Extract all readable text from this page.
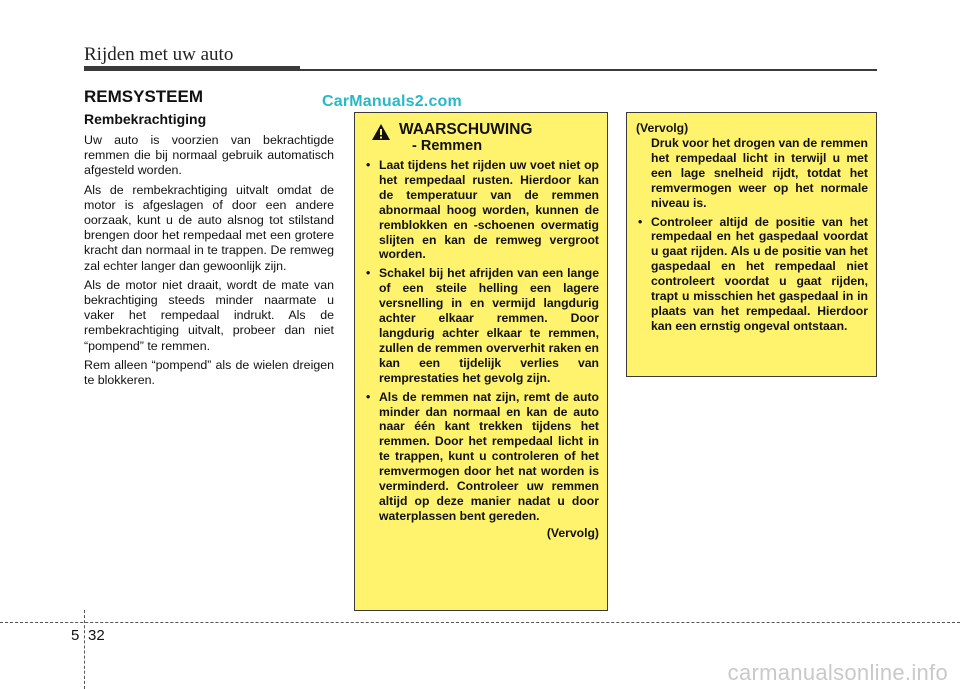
Rijden met uw auto
REMSYSTEEM	CarManuals2.com
Rembekrachtiging

Uw auto is voorzien van bekrachtigde remmen die bij normaal gebruik automatisch afgesteld worden.

Als de rembekrachtiging uitvalt omdat de motor is afgeslagen of door een andere oorzaak, kunt u de auto alsnog tot stilstand brengen door het rempedaal met een grotere kracht dan normaal in te trappen. De remweg zal echter langer dan gewoonlijk zijn.

Als de motor niet draait, wordt de mate van bekrachtiging steeds minder naarmate u vaker het rempedaal indrukt. Als de rembekrachtiging uitvalt, probeer dan niet “pompend” te remmen.

Rem alleen “pompend” als de wielen dreigen te blokkeren.

WAARSCHUWING
- Remmen
• Laat tijdens het rijden uw voet niet op het rempedaal rusten. Hierdoor kan de temperatuur van de remmen abnormaal hoog worden, kunnen de remblokken en -schoenen overmatig slijten en kan de remweg vergroot worden.
• Schakel bij het afrijden van een lange of een steile helling een lagere versnelling in en vermijd langdurig achter elkaar remmen. Door langdurig achter elkaar te remmen, zullen de remmen oververhit raken en kan een tijdelijk verlies van remprestaties het gevolg zijn.
• Als de remmen nat zijn, remt de auto minder dan normaal en kan de auto naar één kant trekken tijdens het remmen. Door het rempedaal licht in te trappen, kunt u controleren of het remvermogen door het nat worden is verminderd. Controleer uw remmen altijd op deze manier nadat u door waterplassen bent gereden.
(Vervolg)
(Vervolg)
Druk voor het drogen van de remmen het rempedaal licht in terwijl u met een lage snelheid rijdt, totdat het remvermogen weer op het normale niveau is.
• Controleer altijd de positie van het rempedaal en het gaspedaal voordat u gaat rijden. Als u de positie van het gaspedaal en het rempedaal niet controleert voordat u gaat rijden, trapt u misschien het gaspedaal in in plaats van het rempedaal. Hierdoor kan een ernstig ongeval ontstaan.
5 32
carmanualsonline.info
